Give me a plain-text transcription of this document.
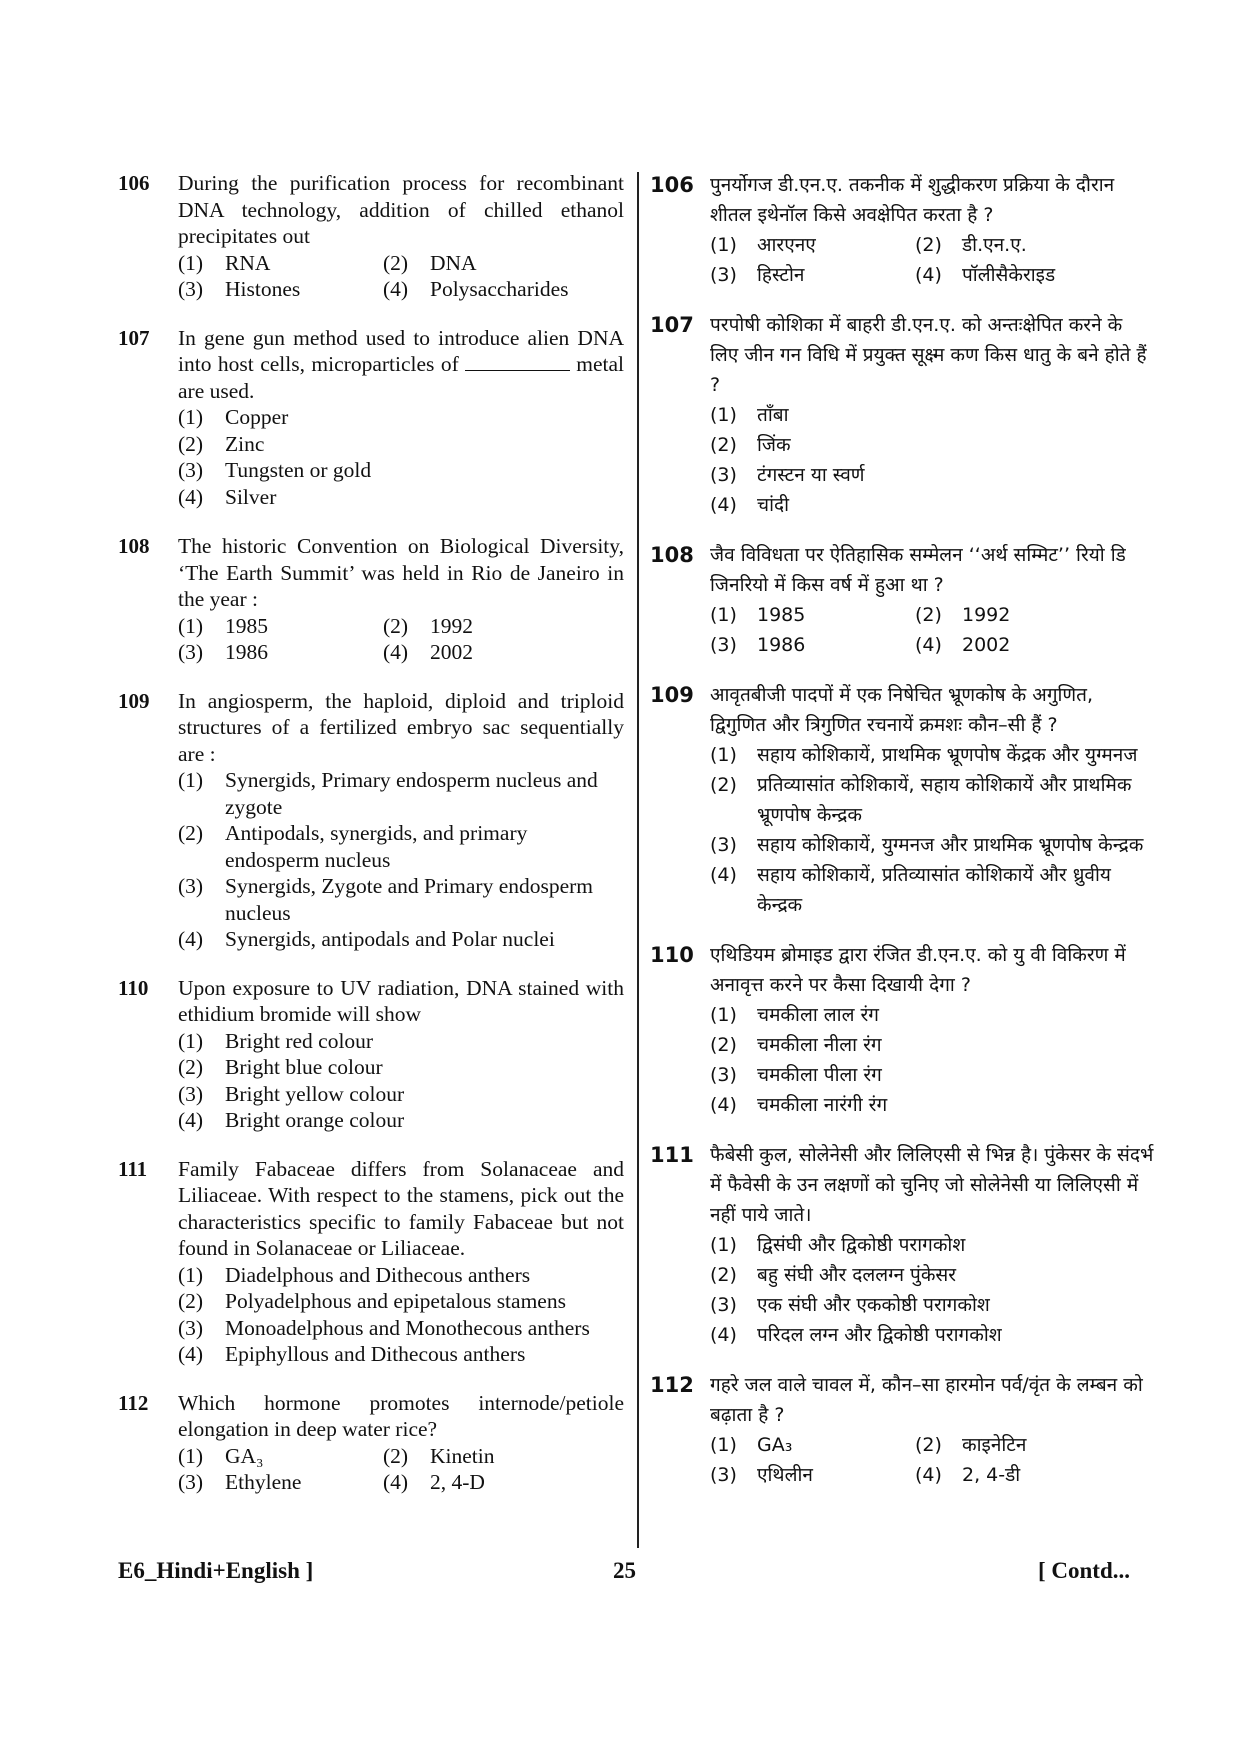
106 During the purification process for recombinant DNA technology, addition of chilled ethanol precipitates out
(1) RNA	(2) DNA
(3) Histones	(4) Polysaccharides
107 In gene gun method used to introduce alien DNA into host cells, microparticles of	metal are used.
(1) Copper
(2) Zinc
(3) Tungsten or gold
(4) Silver
108 The historic Convention on Biological Diversity, ‘The Earth Summit’ was held in Rio de Janeiro in the year :
(1) 1985	(2) 1992
(3) 1986	(4) 2002
109 In angiosperm, the haploid, diploid and triploid structures of a fertilized embryo sac sequentially are :
(1) Synergids, Primary endosperm nucleus and zygote
(2) Antipodals, synergids, and primary endosperm nucleus
(3) Synergids, Zygote and Primary endosperm nucleus
(4) Synergids, antipodals and Polar nuclei
110 Upon exposure to UV radiation, DNA stained with ethidium bromide will show
(1) Bright red colour
(2) Bright blue colour
(3) Bright yellow colour
(4) Bright orange colour
111 Family Fabaceae differs from Solanaceae and Liliaceae. With respect to the stamens, pick out the characteristics specific to family Fabaceae but not found in Solanaceae or Liliaceae.
(1) Diadelphous and Dithecous anthers
(2) Polyadelphous and epipetalous stamens
(3) Monoadelphous and Monothecous anthers
(4) Epiphyllous and Dithecous anthers
112 Which hormone promotes internode/petiole elongation in deep water rice?
(1) GA₃	(2) Kinetin
(3) Ethylene	(4) 2, 4-D
106 पुनर्योगज डी.एन.ए. तकनीक में शुद्धीकरण प्रक्रिया के दौरान शीतल इथेनॉल किसे अवक्षेपित करता है ?
(1) आरएनए	(2) डी.एन.ए.
(3) हिस्टोन	(4) पॉलीसैकेराइड
107 परपोषी कोशिका में बाहरी डी.एन.ए. को अन्तःक्षेपित करने के लिए जीन गन विधि में प्रयुक्त सूक्ष्म कण किस धातु के बने होते हैं ?
(1) ताँबा
(2) जिंक
(3) टंगस्टन या स्वर्ण
(4) चांदी
108 जैव विविधता पर ऐतिहासिक सम्मेलन ‘‘अर्थ सम्मिट’’ रियो डि जिनरियो में किस वर्ष में हुआ था ?
(1) 1985	(2) 1992
(3) 1986	(4) 2002
109 आवृतबीजी पादपों में एक निषेचित भ्रूणकोष के अगुणित, द्विगुणित और त्रिगुणित रचनायें क्रमशः कौन–सी हैं ?
(1) सहाय कोशिकायें, प्राथमिक भ्रूणपोष केंद्रक और युग्मनज
(2) प्रतिव्यासांत कोशिकायें, सहाय कोशिकायें और प्राथमिक भ्रूणपोष केन्द्रक
(3) सहाय कोशिकायें, युग्मनज और प्राथमिक भ्रूणपोष केन्द्रक
(4) सहाय कोशिकायें, प्रतिव्यासांत कोशिकायें और ध्रुवीय केन्द्रक
110 एथिडियम ब्रोमाइड द्वारा रंजित डी.एन.ए. को यु वी विकिरण में अनावृत्त करने पर कैसा दिखायी देगा ?
(1) चमकीला लाल रंग
(2) चमकीला नीला रंग
(3) चमकीला पीला रंग
(4) चमकीला नारंगी रंग
111 फैबेसी कुल, सोलेनेसी और लिलिएसी से भिन्न है। पुंकेसर के संदर्भ में फैवेसी के उन लक्षणों को चुनिए जो सोलेनेसी या लिलिएसी में नहीं पाये जाते।
(1) द्विसंघी और द्विकोष्ठी परागकोश
(2) बहु संघी और दललग्न पुंकेसर
(3) एक संघी और एककोष्ठी परागकोश
(4) परिदल लग्न और द्विकोष्ठी परागकोश
112 गहरे जल वाले चावल में, कौन–सा हारमोन पर्व/वृंत के लम्बन को बढ़ाता है ?
(1) GA₃	(2) काइनेटिन
(3) एथिलीन	(4) 2, 4-डी
E6_Hindi+English ]	25	[ Contd...
